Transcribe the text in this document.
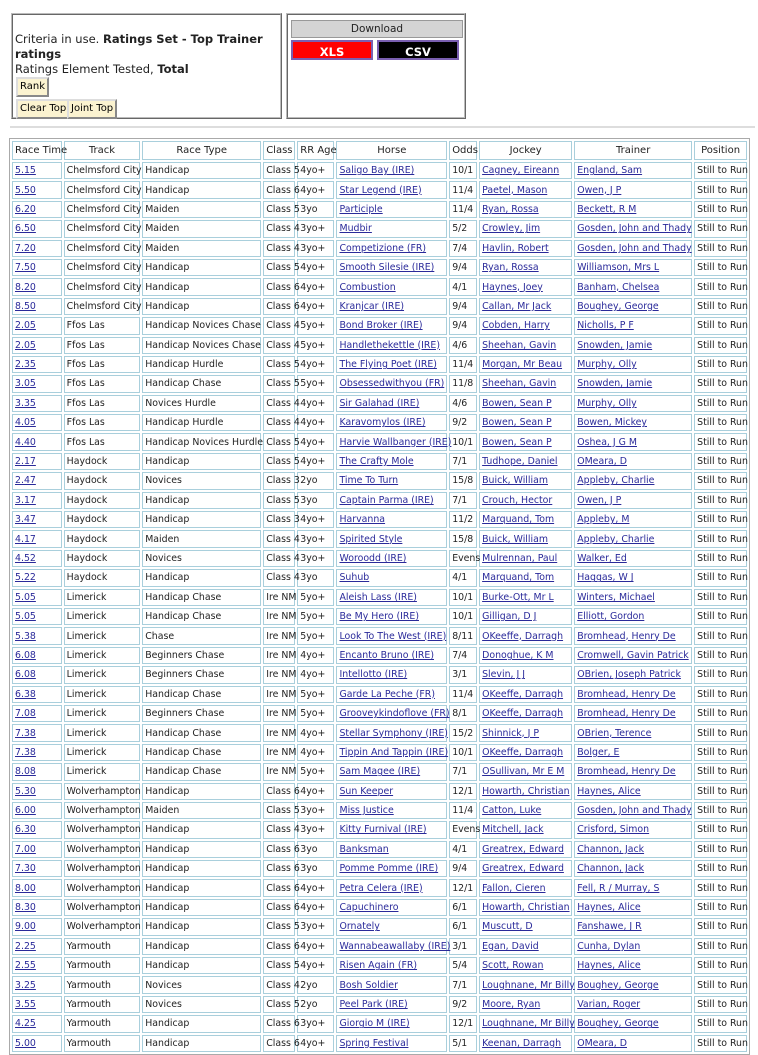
Criteria in use. Ratings Set - Top Trainer ratings
Ratings Element Tested, Total
Rank
Clear Top Joint Top
Download
XLS	CSV
Race Time	Track	Race Type	Class	RR Age	Horse	Odds	Jockey	Trainer	Position
5.15	Chelmsford City	Handicap	Class 5	4yo+	Saligo Bay (IRE)	10/1	Cagney, Eireann	England, Sam	Still to Run
5.50	Chelmsford City	Handicap	Class 6	4yo+	Star Legend (IRE)	11/4	Paetel, Mason	Owen, J P	Still to Run
6.20	Chelmsford City	Maiden	Class 5	3yo	Participle	11/4	Ryan, Rossa	Beckett, R M	Still to Run
6.50	Chelmsford City	Maiden	Class 4	3yo+	Mudbir	5/2	Crowley, Jim	Gosden, John and Thady	Still to Run
7.20	Chelmsford City	Maiden	Class 4	3yo+	Competizione (FR)	7/4	Havlin, Robert	Gosden, John and Thady	Still to Run
7.50	Chelmsford City	Handicap	Class 5	4yo+	Smooth Silesie (IRE)	9/4	Ryan, Rossa	Williamson, Mrs L	Still to Run
8.20	Chelmsford City	Handicap	Class 6	4yo+	Combustion	4/1	Haynes, Joey	Banham, Chelsea	Still to Run
8.50	Chelmsford City	Handicap	Class 6	4yo+	Kranjcar (IRE)	9/4	Callan, Mr Jack	Boughey, George	Still to Run
2.05	Ffos Las	Handicap Novices Chase	Class 4	5yo+	Bond Broker (IRE)	9/4	Cobden, Harry	Nicholls, P F	Still to Run
2.05	Ffos Las	Handicap Novices Chase	Class 4	5yo+	Handlethekettle (IRE)	4/6	Sheehan, Gavin	Snowden, Jamie	Still to Run
2.35	Ffos Las	Handicap Hurdle	Class 5	4yo+	The Flying Poet (IRE)	11/4	Morgan, Mr Beau	Murphy, Olly	Still to Run
3.05	Ffos Las	Handicap Chase	Class 5	5yo+	Obsessedwithyou (FR)	11/8	Sheehan, Gavin	Snowden, Jamie	Still to Run
3.35	Ffos Las	Novices Hurdle	Class 4	4yo+	Sir Galahad (IRE)	4/6	Bowen, Sean P	Murphy, Olly	Still to Run
4.05	Ffos Las	Handicap Hurdle	Class 4	4yo+	Karavomylos (IRE)	9/2	Bowen, Sean P	Bowen, Mickey	Still to Run
4.40	Ffos Las	Handicap Novices Hurdle	Class 5	4yo+	Harvie Wallbanger (IRE)	10/1	Bowen, Sean P	Oshea, J G M	Still to Run
2.17	Haydock	Handicap	Class 5	4yo+	The Crafty Mole	7/1	Tudhope, Daniel	OMeara, D	Still to Run
2.47	Haydock	Novices	Class 3	2yo	Time To Turn	15/8	Buick, William	Appleby, Charlie	Still to Run
3.17	Haydock	Handicap	Class 5	3yo	Captain Parma (IRE)	7/1	Crouch, Hector	Owen, J P	Still to Run
3.47	Haydock	Handicap	Class 3	4yo+	Harvanna	11/2	Marquand, Tom	Appleby, M	Still to Run
4.17	Haydock	Maiden	Class 4	3yo+	Spirited Style	15/8	Buick, William	Appleby, Charlie	Still to Run
4.52	Haydock	Novices	Class 4	3yo+	Woroodd (IRE)	Evens	Mulrennan, Paul	Walker, Ed	Still to Run
5.22	Haydock	Handicap	Class 4	3yo	Suhub	4/1	Marquand, Tom	Haggas, W J	Still to Run
5.05	Limerick	Handicap Chase	Ire NM	5yo+	Aleish Lass (IRE)	10/1	Burke-Ott, Mr L	Winters, Michael	Still to Run
5.05	Limerick	Handicap Chase	Ire NM	5yo+	Be My Hero (IRE)	10/1	Gilligan, D J	Elliott, Gordon	Still to Run
5.38	Limerick	Chase	Ire NM	5yo+	Look To The West (IRE)	8/11	OKeeffe, Darragh	Bromhead, Henry De	Still to Run
6.08	Limerick	Beginners Chase	Ire NM	4yo+	Encanto Bruno (IRE)	7/4	Donoghue, K M	Cromwell, Gavin Patrick	Still to Run
6.08	Limerick	Beginners Chase	Ire NM	4yo+	Intellotto (IRE)	3/1	Slevin, J J	OBrien, Joseph Patrick	Still to Run
6.38	Limerick	Handicap Chase	Ire NM	5yo+	Garde La Peche (FR)	11/4	OKeeffe, Darragh	Bromhead, Henry De	Still to Run
7.08	Limerick	Beginners Chase	Ire NM	5yo+	Grooveykindoflove (FR)	8/1	OKeeffe, Darragh	Bromhead, Henry De	Still to Run
7.38	Limerick	Handicap Chase	Ire NM	4yo+	Stellar Symphony (IRE)	15/2	Shinnick, J P	OBrien, Terence	Still to Run
7.38	Limerick	Handicap Chase	Ire NM	4yo+	Tippin And Tappin (IRE)	10/1	OKeeffe, Darragh	Bolger, E	Still to Run
8.08	Limerick	Handicap Chase	Ire NM	5yo+	Sam Magee (IRE)	7/1	OSullivan, Mr E M	Bromhead, Henry De	Still to Run
5.30	Wolverhampton	Handicap	Class 6	4yo+	Sun Keeper	12/1	Howarth, Christian	Haynes, Alice	Still to Run
6.00	Wolverhampton	Maiden	Class 5	3yo+	Miss Justice	11/4	Catton, Luke	Gosden, John and Thady	Still to Run
6.30	Wolverhampton	Handicap	Class 4	3yo+	Kitty Furnival (IRE)	Evens	Mitchell, Jack	Crisford, Simon	Still to Run
7.00	Wolverhampton	Handicap	Class 6	3yo	Banksman	4/1	Greatrex, Edward	Channon, Jack	Still to Run
7.30	Wolverhampton	Handicap	Class 6	3yo	Pomme Pomme (IRE)	9/4	Greatrex, Edward	Channon, Jack	Still to Run
8.00	Wolverhampton	Handicap	Class 6	4yo+	Petra Celera (IRE)	12/1	Fallon, Cieren	Fell, R / Murray, S	Still to Run
8.30	Wolverhampton	Handicap	Class 6	4yo+	Capuchinero	6/1	Howarth, Christian	Haynes, Alice	Still to Run
9.00	Wolverhampton	Handicap	Class 5	3yo+	Ornately	6/1	Muscutt, D	Fanshawe, J R	Still to Run
2.25	Yarmouth	Handicap	Class 6	4yo+	Wannabeawallaby (IRE)	3/1	Egan, David	Cunha, Dylan	Still to Run
2.55	Yarmouth	Handicap	Class 5	4yo+	Risen Again (FR)	5/4	Scott, Rowan	Haynes, Alice	Still to Run
3.25	Yarmouth	Novices	Class 4	2yo	Bosh Soldier	7/1	Loughnane, Mr Billy	Boughey, George	Still to Run
3.55	Yarmouth	Novices	Class 5	2yo	Peel Park (IRE)	9/2	Moore, Ryan	Varian, Roger	Still to Run
4.25	Yarmouth	Handicap	Class 6	3yo+	Giorgio M (IRE)	12/1	Loughnane, Mr Billy	Boughey, George	Still to Run
5.00	Yarmouth	Handicap	Class 6	4yo+	Spring Festival	5/1	Keenan, Darragh	OMeara, D	Still to Run
